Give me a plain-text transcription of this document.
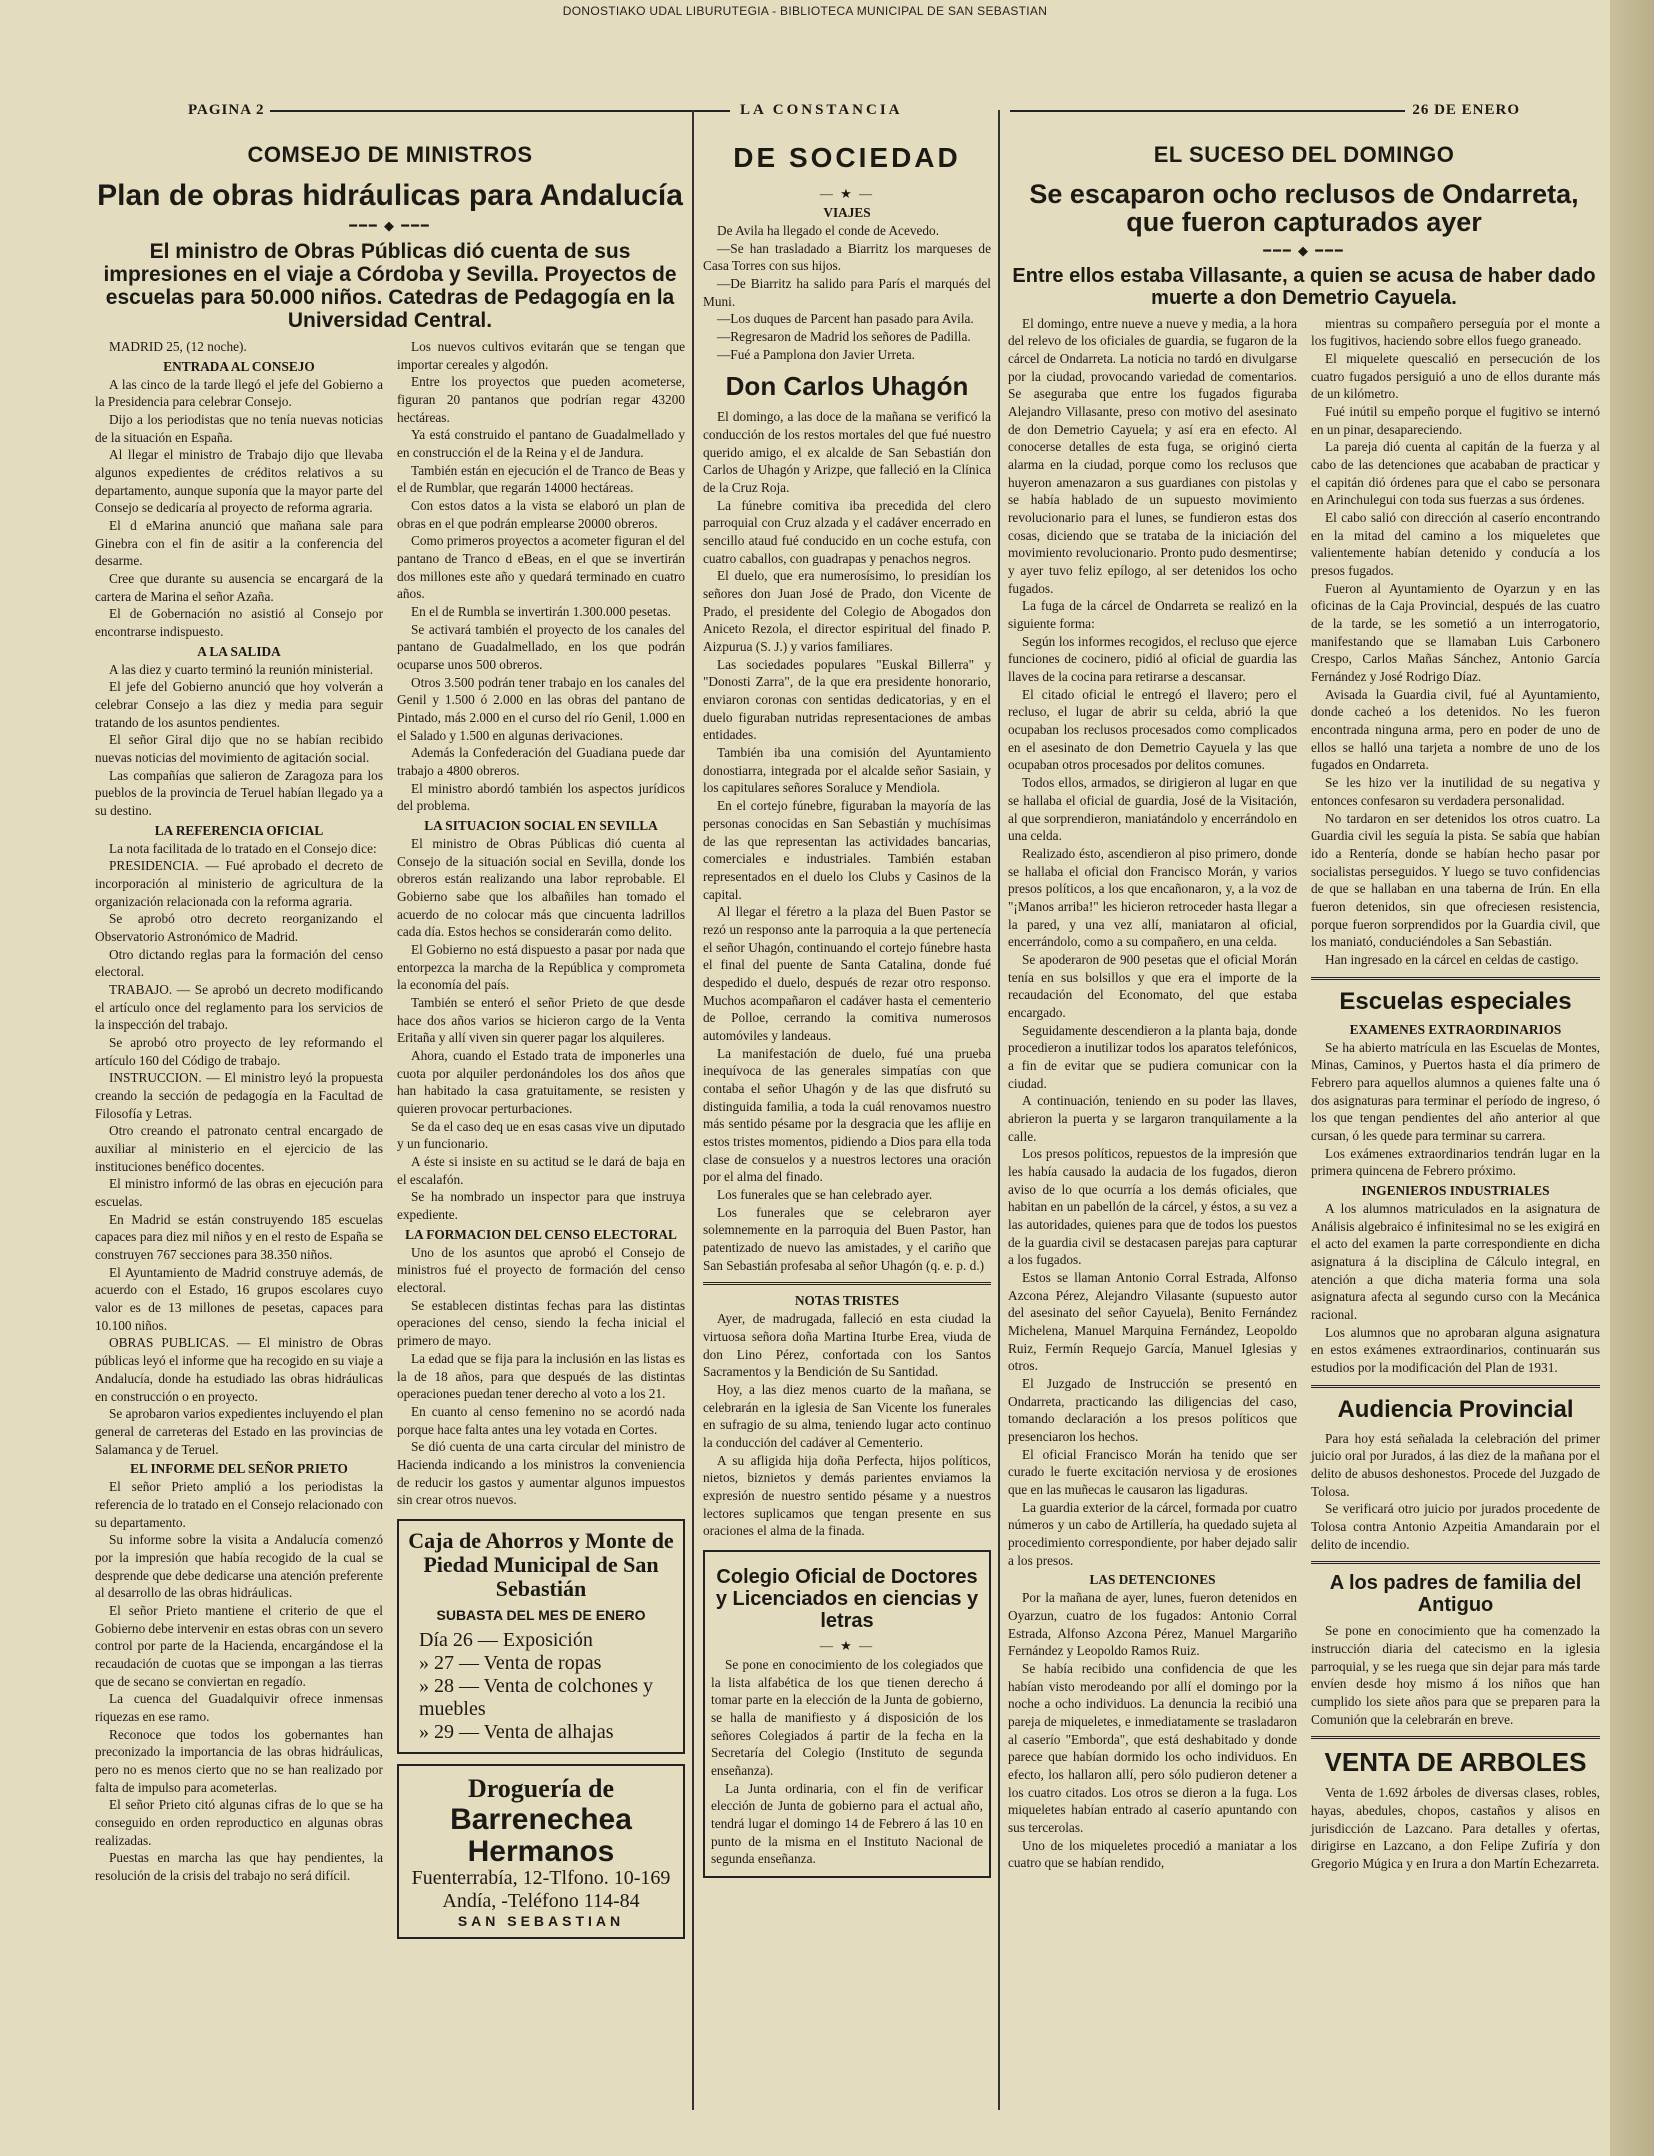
DONOSTIAKO UDAL LIBURUTEGIA - BIBLIOTECA MUNICIPAL DE SAN SEBASTIAN
PAGINA 2	LA CONSTANCIA	26 DE ENERO
COMSEJO DE MINISTROS
Plan de obras hidráulicas para Andalucía
━━━ ◆ ━━━
El ministro de Obras Públicas dió cuenta de sus impresiones en el viaje a Córdoba y Sevilla. Proyectos de escuelas para 50.000 niños. Catedras de Pedagogía en la Universidad Central.

MADRID 25, (12 noche).

ENTRADA AL CONSEJO

A las cinco de la tarde llegó el jefe del Gobierno a la Presidencia para celebrar Consejo.

Dijo a los periodistas que no tenía nuevas noticias de la situación en España.

Al llegar el ministro de Trabajo dijo que llevaba algunos expedientes de créditos relativos a su departamento, aunque suponía que la mayor parte del Consejo se dedicaría al proyecto de reforma agraria.

El d eMarina anunció que mañana sale para Ginebra con el fin de asitir a la conferencia del desarme.

Cree que durante su ausencia se encargará de la cartera de Marina el señor Azaña.

El de Gobernación no asistió al Consejo por encontrarse indispuesto.

A LA SALIDA

A las diez y cuarto terminó la reunión ministerial.

El jefe del Gobierno anunció que hoy volverán a celebrar Consejo a las diez y media para seguir tratando de los asuntos pendientes.

El señor Giral dijo que no se habían recibido nuevas noticias del movimiento de agitación social.

Las compañías que salieron de Zaragoza para los pueblos de la provincia de Teruel habían llegado ya a su destino.

LA REFERENCIA OFICIAL

La nota facilitada de lo tratado en el Consejo dice:

PRESIDENCIA. — Fué aprobado el decreto de incorporación al ministerio de agricultura de la organización relacionada con la reforma agraria.

Se aprobó otro decreto reorganizando el Observatorio Astronómico de Madrid.

Otro dictando reglas para la formación del censo electoral.

TRABAJO. — Se aprobó un decreto modificando el artículo once del reglamento para los servicios de la inspección del trabajo.

Se aprobó otro proyecto de ley reformando el artículo 160 del Código de trabajo.

INSTRUCCION. — El ministro leyó la propuesta creando la sección de pedagogía en la Facultad de Filosofía y Letras.

Otro creando el patronato central encargado de auxiliar al ministerio en el ejercicio de las instituciones benéfico docentes.

El ministro informó de las obras en ejecución para escuelas.

En Madrid se están construyendo 185 escuelas capaces para diez mil niños y en el resto de España se construyen 767 secciones para 38.350 niños.

El Ayuntamiento de Madrid construye además, de acuerdo con el Estado, 16 grupos escolares cuyo valor es de 13 millones de pesetas, capaces para 10.100 niños.

OBRAS PUBLICAS. — El ministro de Obras públicas leyó el informe que ha recogido en su viaje a Andalucía, donde ha estudiado las obras hidráulicas en construcción o en proyecto.

Se aprobaron varios expedientes incluyendo el plan general de carreteras del Estado en las provincias de Salamanca y de Teruel.

EL INFORME DEL SEÑOR PRIETO

El señor Prieto amplió a los periodistas la referencia de lo tratado en el Consejo relacionado con su departamento.

Su informe sobre la visita a Andalucía comenzó por la impresión que había recogido de la cual se desprende que debe dedicarse una atención preferente al desarrollo de las obras hidráulicas.

El señor Prieto mantiene el criterio de que el Gobierno debe intervenir en estas obras con un severo control por parte de la Hacienda, encargándose el la recaudación de cuotas que se impongan a las tierras que de secano se conviertan en regadío.

La cuenca del Guadalquivir ofrece inmensas riquezas en ese ramo.

Reconoce que todos los gobernantes han preconizado la importancia de las obras hidráulicas, pero no es menos cierto que no se han realizado por falta de impulso para acometerlas.

El señor Prieto citó algunas cifras de lo que se ha conseguido en orden reproductico en algunas obras realizadas.

Puestas en marcha las que hay pendientes, la resolución de la crisis del trabajo no será difícil.

Los nuevos cultivos evitarán que se tengan que importar cereales y algodón.

Entre los proyectos que pueden acometerse, figuran 20 pantanos que podrían regar 43200 hectáreas.

Ya está construido el pantano de Guadalmellado y en construcción el de la Reina y el de Jandura.

También están en ejecución el de Tranco de Beas y el de Rumblar, que regarán 14000 hectáreas.

Con estos datos a la vista se elaboró un plan de obras en el que podrán emplearse 20000 obreros.

Como primeros proyectos a acometer figuran el del pantano de Tranco d eBeas, en el que se invertirán dos millones este año y quedará terminado en cuatro años.

En el de Rumbla se invertirán 1.300.000 pesetas.

Se activará también el proyecto de los canales del pantano de Guadalmellado, en los que podrán ocuparse unos 500 obreros.

Otros 3.500 podrán tener trabajo en los canales del Genil y 1.500 ó 2.000 en las obras del pantano de Pintado, más 2.000 en el curso del río Genil, 1.000 en el Salado y 1.500 en algunas derivaciones.

Además la Confederación del Guadiana puede dar trabajo a 4800 obreros.

El ministro abordó también los aspectos jurídicos del problema.

LA SITUACION SOCIAL EN SEVILLA

El ministro de Obras Públicas dió cuenta al Consejo de la situación social en Sevilla, donde los obreros están realizando una labor reprobable. El Gobierno sabe que los albañiles han tomado el acuerdo de no colocar más que cincuenta ladrillos cada día. Estos hechos se considerarán como delito.

El Gobierno no está dispuesto a pasar por nada que entorpezca la marcha de la República y comprometa la economía del país.

También se enteró el señor Prieto de que desde hace dos años varios se hicieron cargo de la Venta Eritaña y allí viven sin querer pagar los alquileres.

Ahora, cuando el Estado trata de imponerles una cuota por alquiler perdonándoles los dos años que han habitado la casa gratuitamente, se resisten y quieren provocar perturbaciones.

Se da el caso deq ue en esas casas vive un diputado y un funcionario.

A éste si insiste en su actitud se le dará de baja en el escalafón.

Se ha nombrado un inspector para que instruya expediente.

LA FORMACION DEL CENSO ELECTORAL

Uno de los asuntos que aprobó el Consejo de ministros fué el proyecto de formación del censo electoral.

Se establecen distintas fechas para las distintas operaciones del censo, siendo la fecha inicial el primero de mayo.

La edad que se fija para la inclusión en las listas es la de 18 años, para que después de las distintas operaciones puedan tener derecho al voto a los 21.

En cuanto al censo femenino no se acordó nada porque hace falta antes una ley votada en Cortes.

Se dió cuenta de una carta circular del ministro de Hacienda indicando a los ministros la conveniencia de reducir los gastos y aumentar algunos impuestos sin crear otros nuevos.

Caja de Ahorros y Monte de Piedad Municipal de San Sebastián
SUBASTA DEL MES DE ENERO
Día 26 — Exposición
» 27 — Venta de ropas
» 28 — Venta de colchones y muebles
» 29 — Venta de alhajas
Droguería de
Barrenechea Hermanos
Fuenterrabía, 12-Tlfono. 10-169
Andía, -Teléfono 114-84
SAN SEBASTIAN
DE SOCIEDAD
— ★ —
VIAJES

De Avila ha llegado el conde de Acevedo.

—Se han trasladado a Biarritz los marqueses de Casa Torres con sus hijos.

—De Biarritz ha salido para París el marqués del Muni.

—Los duques de Parcent han pasado para Avila.

—Regresaron de Madrid los señores de Padilla.

—Fué a Pamplona don Javier Urreta.

Don Carlos Uhagón

El domingo, a las doce de la mañana se verificó la conducción de los restos mortales del que fué nuestro querido amigo, el ex alcalde de San Sebastián don Carlos de Uhagón y Arizpe, que falleció en la Clínica de la Cruz Roja.

La fúnebre comitiva iba precedida del clero parroquial con Cruz alzada y el cadáver encerrado en sencillo ataud fué conducido en un coche estufa, con cuatro caballos, con guadrapas y penachos negros.

El duelo, que era numerosísimo, lo presidían los señores don Juan José de Prado, don Vicente de Prado, el presidente del Colegio de Abogados don Aniceto Rezola, el director espiritual del finado P. Aizpurua (S. J.) y varios familiares.

Las sociedades populares "Euskal Billerra" y "Donosti Zarra", de la que era presidente honorario, enviaron coronas con sentidas dedicatorias, y en el duelo figuraban nutridas representaciones de ambas entidades.

También iba una comisión del Ayuntamiento donostiarra, integrada por el alcalde señor Sasiain, y los capitulares señores Soraluce y Mendiola.

En el cortejo fúnebre, figuraban la mayoría de las personas conocidas en San Sebastián y muchísimas de las que representan las actividades bancarias, comerciales e industriales. También estaban representados en el duelo los Clubs y Casinos de la capital.

Al llegar el féretro a la plaza del Buen Pastor se rezó un responso ante la parroquia a la que pertenecía el señor Uhagón, continuando el cortejo fúnebre hasta el final del puente de Santa Catalina, donde fué despedido el duelo, después de rezar otro responso. Muchos acompañaron el cadáver hasta el cementerio de Polloe, cerrando la comitiva numerosos automóviles y landeaus.

La manifestación de duelo, fué una prueba inequívoca de las generales simpatías con que contaba el señor Uhagón y de las que disfrutó su distinguida familia, a toda la cuál renovamos nuestro más sentido pésame por la desgracia que les aflije en estos tristes momentos, pidiendo a Dios para ella toda clase de consuelos y a nuestros lectores una oración por el alma del finado.

Los funerales que se han celebrado ayer.

Los funerales que se celebraron ayer solemnemente en la parroquia del Buen Pastor, han patentizado de nuevo las amistades, y el cariño que San Sebastián profesaba al señor Uhagón (q. e. p. d.)

NOTAS TRISTES

Ayer, de madrugada, falleció en esta ciudad la virtuosa señora doña Martina Iturbe Erea, viuda de don Lino Pérez, confortada con los Santos Sacramentos y la Bendición de Su Santidad.

Hoy, a las diez menos cuarto de la mañana, se celebrarán en la iglesia de San Vicente los funerales en sufragio de su alma, teniendo lugar acto continuo la conducción del cadáver al Cementerio.

A su afligida hija doña Perfecta, hijos políticos, nietos, biznietos y demás parientes enviamos la expresión de nuestro sentido pésame y a nuestros lectores suplicamos que tengan presente en sus oraciones el alma de la finada.

Colegio Oficial de Doctores y Licenciados en ciencias y letras
— ★ —

Se pone en conocimiento de los colegiados que la lista alfabética de los que tienen derecho á tomar parte en la elección de la Junta de gobierno, se halla de manifiesto y á disposición de los señores Colegiados á partir de la fecha en la Secretaría del Colegio (Instituto de segunda enseñanza).

La Junta ordinaria, con el fin de verificar elección de Junta de gobierno para el actual año, tendrá lugar el domingo 14 de Febrero á las 10 en punto de la misma en el Instituto Nacional de segunda enseñanza.

EL SUCESO DEL DOMINGO
Se escaparon ocho reclusos de Ondarreta, que fueron capturados ayer
━━━ ◆ ━━━
Entre ellos estaba Villasante, a quien se acusa de haber dado muerte a don Demetrio Cayuela.

El domingo, entre nueve a nueve y media, a la hora del relevo de los oficiales de guardia, se fugaron de la cárcel de Ondarreta. La noticia no tardó en divulgarse por la ciudad, provocando variedad de comentarios. Se aseguraba que entre los fugados figuraba Alejandro Villasante, preso con motivo del asesinato de don Demetrio Cayuela; y así era en efecto. Al conocerse detalles de esta fuga, se originó cierta alarma en la ciudad, porque como los reclusos que huyeron amenazaron a sus guardianes con pistolas y se había hablado de un supuesto movimiento revolucionario para el lunes, se fundieron estas dos cosas, diciendo que se trataba de la iniciación del movimiento revolucionario. Pronto pudo desmentirse; y ayer tuvo feliz epílogo, al ser detenidos los ocho fugados.

La fuga de la cárcel de Ondarreta se realizó en la siguiente forma:

Según los informes recogidos, el recluso que ejerce funciones de cocinero, pidió al oficial de guardia las llaves de la cocina para retirarse a descansar.

El citado oficial le entregó el llavero; pero el recluso, el lugar de abrir su celda, abrió la que ocupaban los reclusos procesados como complicados en el asesinato de don Demetrio Cayuela y las que ocupaban otros procesados por delitos comunes.

Todos ellos, armados, se dirigieron al lugar en que se hallaba el oficial de guardia, José de la Visitación, al que sorprendieron, maniatándolo y encerrándolo en una celda.

Realizado ésto, ascendieron al piso primero, donde se hallaba el oficial don Francisco Morán, y varios presos políticos, a los que encañonaron, y, a la voz de "¡Manos arriba!" les hicieron retroceder hasta llegar a la pared, y una vez allí, maniataron al oficial, encerrándolo, como a su compañero, en una celda.

Se apoderaron de 900 pesetas que el oficial Morán tenía en sus bolsillos y que era el importe de la recaudación del Economato, del que estaba encargado.

Seguidamente descendieron a la planta baja, donde procedieron a inutilizar todos los aparatos telefónicos, a fin de evitar que se pudiera comunicar con la ciudad.

A continuación, teniendo en su poder las llaves, abrieron la puerta y se largaron tranquilamente a la calle.

Los presos políticos, repuestos de la impresión que les había causado la audacia de los fugados, dieron aviso de lo que ocurría a los demás oficiales, que habitan en un pabellón de la cárcel, y éstos, a su vez a las autoridades, quienes para que de todos los puestos de la guardia civil se destacasen parejas para capturar a los fugados.

Estos se llaman Antonio Corral Estrada, Alfonso Azcona Pérez, Alejandro Vilasante (supuesto autor del asesinato del señor Cayuela), Benito Fernández Michelena, Manuel Marquina Fernández, Leopoldo Ruiz, Fermín Requejo García, Manuel Iglesias y otros.

El Juzgado de Instrucción se presentó en Ondarreta, practicando las diligencias del caso, tomando declaración a los presos políticos que presenciaron los hechos.

El oficial Francisco Morán ha tenido que ser curado le fuerte excitación nerviosa y de erosiones que en las muñecas le causaron las ligaduras.

La guardia exterior de la cárcel, formada por cuatro números y un cabo de Artillería, ha quedado sujeta al procedimiento correspondiente, por haber dejado salir a los presos.

LAS DETENCIONES

Por la mañana de ayer, lunes, fueron detenidos en Oyarzun, cuatro de los fugados: Antonio Corral Estrada, Alfonso Azcona Pérez, Manuel Margariño Fernández y Leopoldo Ramos Ruiz.

Se había recibido una confidencia de que les habían visto merodeando por allí el domingo por la noche a ocho individuos. La denuncia la recibió una pareja de miqueletes, e inmediatamente se trasladaron al caserío "Emborda", que está deshabitado y donde parece que habían dormido los ocho individuos. En efecto, los hallaron allí, pero sólo pudieron detener a los cuatro citados. Los otros se dieron a la fuga. Los miqueletes habían entrado al caserío apuntando con sus tercerolas.

Uno de los miqueletes procedió a maniatar a los cuatro que se habían rendido,

mientras su compañero perseguía por el monte a los fugitivos, haciendo sobre ellos fuego graneado.

El miquelete quescalió en persecución de los cuatro fugados persiguió a uno de ellos durante más de un kilómetro.

Fué inútil su empeño porque el fugitivo se internó en un pinar, desapareciendo.

La pareja dió cuenta al capitán de la fuerza y al cabo de las detenciones que acababan de practicar y el capitán dió órdenes para que el cabo se personara en Arinchulegui con toda sus fuerzas a sus órdenes.

El cabo salió con dirección al caserío encontrando en la mitad del camino a los miqueletes que valientemente habían detenido y conducía a los presos fugados.

Fueron al Ayuntamiento de Oyarzun y en las oficinas de la Caja Provincial, después de las cuatro de la tarde, se les sometió a un interrogatorio, manifestando que se llamaban Luis Carbonero Crespo, Carlos Mañas Sánchez, Antonio García Fernández y José Rodrigo Díaz.

Avisada la Guardia civil, fué al Ayuntamiento, donde cacheó a los detenidos. No les fueron encontrada ninguna arma, pero en poder de uno de ellos se halló una tarjeta a nombre de uno de los fugados en Ondarreta.

Se les hizo ver la inutilidad de su negativa y entonces confesaron su verdadera personalidad.

No tardaron en ser detenidos los otros cuatro. La Guardia civil les seguía la pista. Se sabía que habían ido a Rentería, donde se habían hecho pasar por socialistas perseguidos. Y luego se tuvo confidencias de que se hallaban en una taberna de Irún. En ella fueron detenidos, sin que ofreciesen resistencia, porque fueron sorprendidos por la Guardia civil, que los maniató, conduciéndoles a San Sebastián.

Han ingresado en la cárcel en celdas de castigo.

Escuelas especiales
EXAMENES EXTRAORDINARIOS

Se ha abierto matrícula en las Escuelas de Montes, Minas, Caminos, y Puertos hasta el día primero de Febrero para aquellos alumnos a quienes falte una ó dos asignaturas para terminar el período de ingreso, ó los que tengan pendientes del año anterior al que cursan, ó les quede para terminar su carrera.

Los exámenes extraordinarios tendrán lugar en la primera quincena de Febrero próximo.

INGENIEROS INDUSTRIALES

A los alumnos matriculados en la asignatura de Análisis algebraico é infinitesimal no se les exigirá en el acto del examen la parte correspondiente en dicha asignatura á la disciplina de Cálculo integral, en atención a que dicha materia forma una sola asignatura afecta al segundo curso con la Mecánica racional.

Los alumnos que no aprobaran alguna asignatura en estos exámenes extraordinarios, continuarán sus estudios por la modificación del Plan de 1931.

Audiencia Provincial

Para hoy está señalada la celebración del primer juicio oral por Jurados, á las diez de la mañana por el delito de abusos deshonestos. Procede del Juzgado de Tolosa.

Se verificará otro juicio por jurados procedente de Tolosa contra Antonio Azpeitia Amandarain por el delito de incendio.

A los padres de familia del Antiguo

Se pone en conocimiento que ha comenzado la instrucción diaria del catecismo en la iglesia parroquial, y se les ruega que sin dejar para más tarde envíen desde hoy mismo á los niños que han cumplido los siete años para que se preparen para la Comunión que la celebrarán en breve.

VENTA DE ARBOLES

Venta de 1.692 árboles de diversas clases, robles, hayas, abedules, chopos, castaños y alisos en jurisdicción de Lazcano. Para detalles y ofertas, dirigirse en Lazcano, a don Felipe Zufiría y don Gregorio Múgica y en Irura a don Martín Echezarreta.
